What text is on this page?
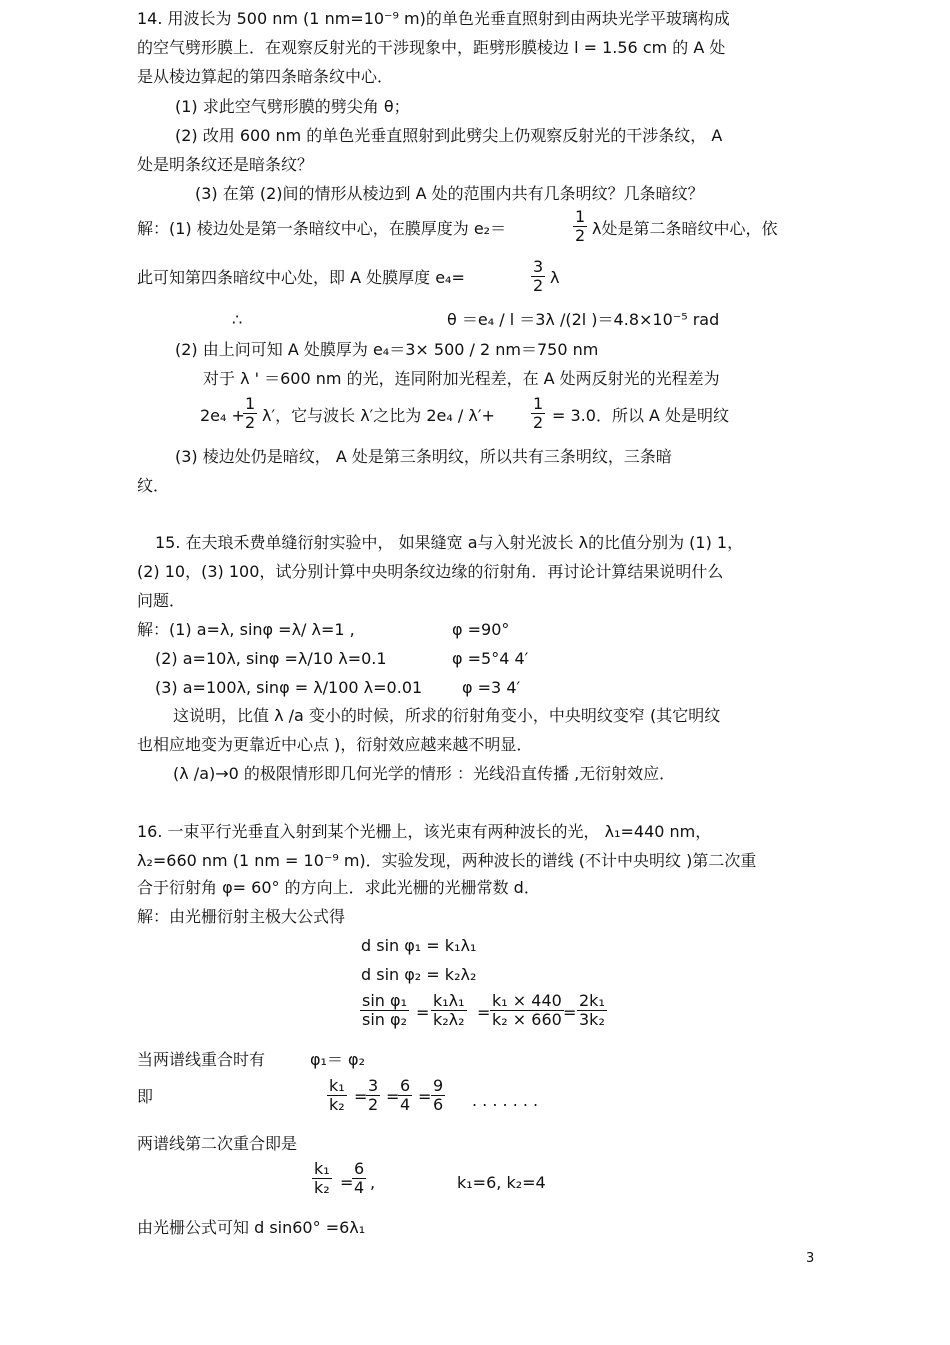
14. 用波长为 500 nm (1 nm=10⁻⁹ m)的单色光垂直照射到由两块光学平玻璃构成
的空气劈形膜上．在观察反射光的干涉现象中，距劈形膜棱边 l = 1.56 cm 的 A 处
是从棱边算起的第四条暗条纹中心．
(1) 求此空气劈形膜的劈尖角 θ；
(2) 改用 600 nm 的单色光垂直照射到此劈尖上仍观察反射光的干涉条纹， A
处是明条纹还是暗条纹？
(3) 在第 (2)间的情形从棱边到 A 处的范围内共有几条明纹？几条暗纹？
解：(1) 棱边处是第一条暗纹中心，在膜厚度为 e₂＝	$\frac{1}{2}$ λ处是第二条暗纹中心，依
此可知第四条暗纹中心处，即 A 处膜厚度 e₄=	$\frac{3}{2}$ λ
∴	θ ＝e₄ / l ＝3λ /(2l )＝4.8×10⁻⁵ rad
(2) 由上问可知 A 处膜厚为 e₄＝3× 500 / 2 nm＝750 nm
对于 λ ' ＝600 nm 的光，连同附加光程差，在 A 处两反射光的光程差为
2e₄ +
$\frac{1}{2} \lambda'$，它与波长 λ′之比为 $2e_4 / \lambda'+ \frac{1}{2} = 3.0$．所以 A 处是明纹
(3) 棱边处仍是暗纹， A 处是第三条明纹，所以共有三条明纹，三条暗
纹．
15. 在夫琅禾费单缝衍射实验中， 如果缝宽 a与入射光波长 λ的比值分别为 (1) 1，
(2) 10，(3) 100，试分别计算中央明条纹边缘的衍射角．再讨论计算结果说明什么
问题．
解：(1) a=λ, sinφ =λ/ λ=1 ,	φ =90°
(2) a=10λ, sinφ =λ/10 λ=0.1	φ =5°4 4′
(3) a=100λ, sinφ = λ/100 λ=0.01 φ =3 4′
这说明，比值 λ /a 变小的时候，所求的衍射角变小，中央明纹变窄 (其它明纹
也相应地变为更靠近中心点 )，衍射效应越来越不明显．
(λ /a)→0 的极限情形即几何光学的情形 ：光线沿直传播 ,无衍射效应．
16. 一束平行光垂直入射到某个光栅上，该光束有两种波长的光， λ₁=440 nm，
λ₂=660 nm (1 nm = 10⁻⁹ m)．实验发现，两种波长的谱线 (不计中央明纹 )第二次重
合于衍射角 φ= 60° 的方向上．求此光栅的光栅常数 d．
解：由光栅衍射主极大公式得
d sin φ₁ = k₁λ₁
d sin φ₂ = k₂λ₂
$\frac{\text{sin φ₁}}{\text{sin φ₂}} = \frac{\text{k₁λ₁}}{\text{k₂λ₂}} = \frac{\text{k₁ × 440}}{\text{k₂ × 660}} = \frac{\text{2k₁}}{\text{3k₂}}$
当两谱线重合时有	φ₁＝ φ₂
即	$\frac{\text{k₁}}{\text{k₂}}$ =
$\frac{3}{2}$ =
$\frac{6}{4} = \frac{9}{6}$ . . . . . . .
两谱线第二次重合即是
$\frac{\text{k₁}}{\text{k₂}}$ =
$\frac{6}{4}$ ,	k₁=6, k₂=4
由光栅公式可知 d sin60° =6λ₁
3
